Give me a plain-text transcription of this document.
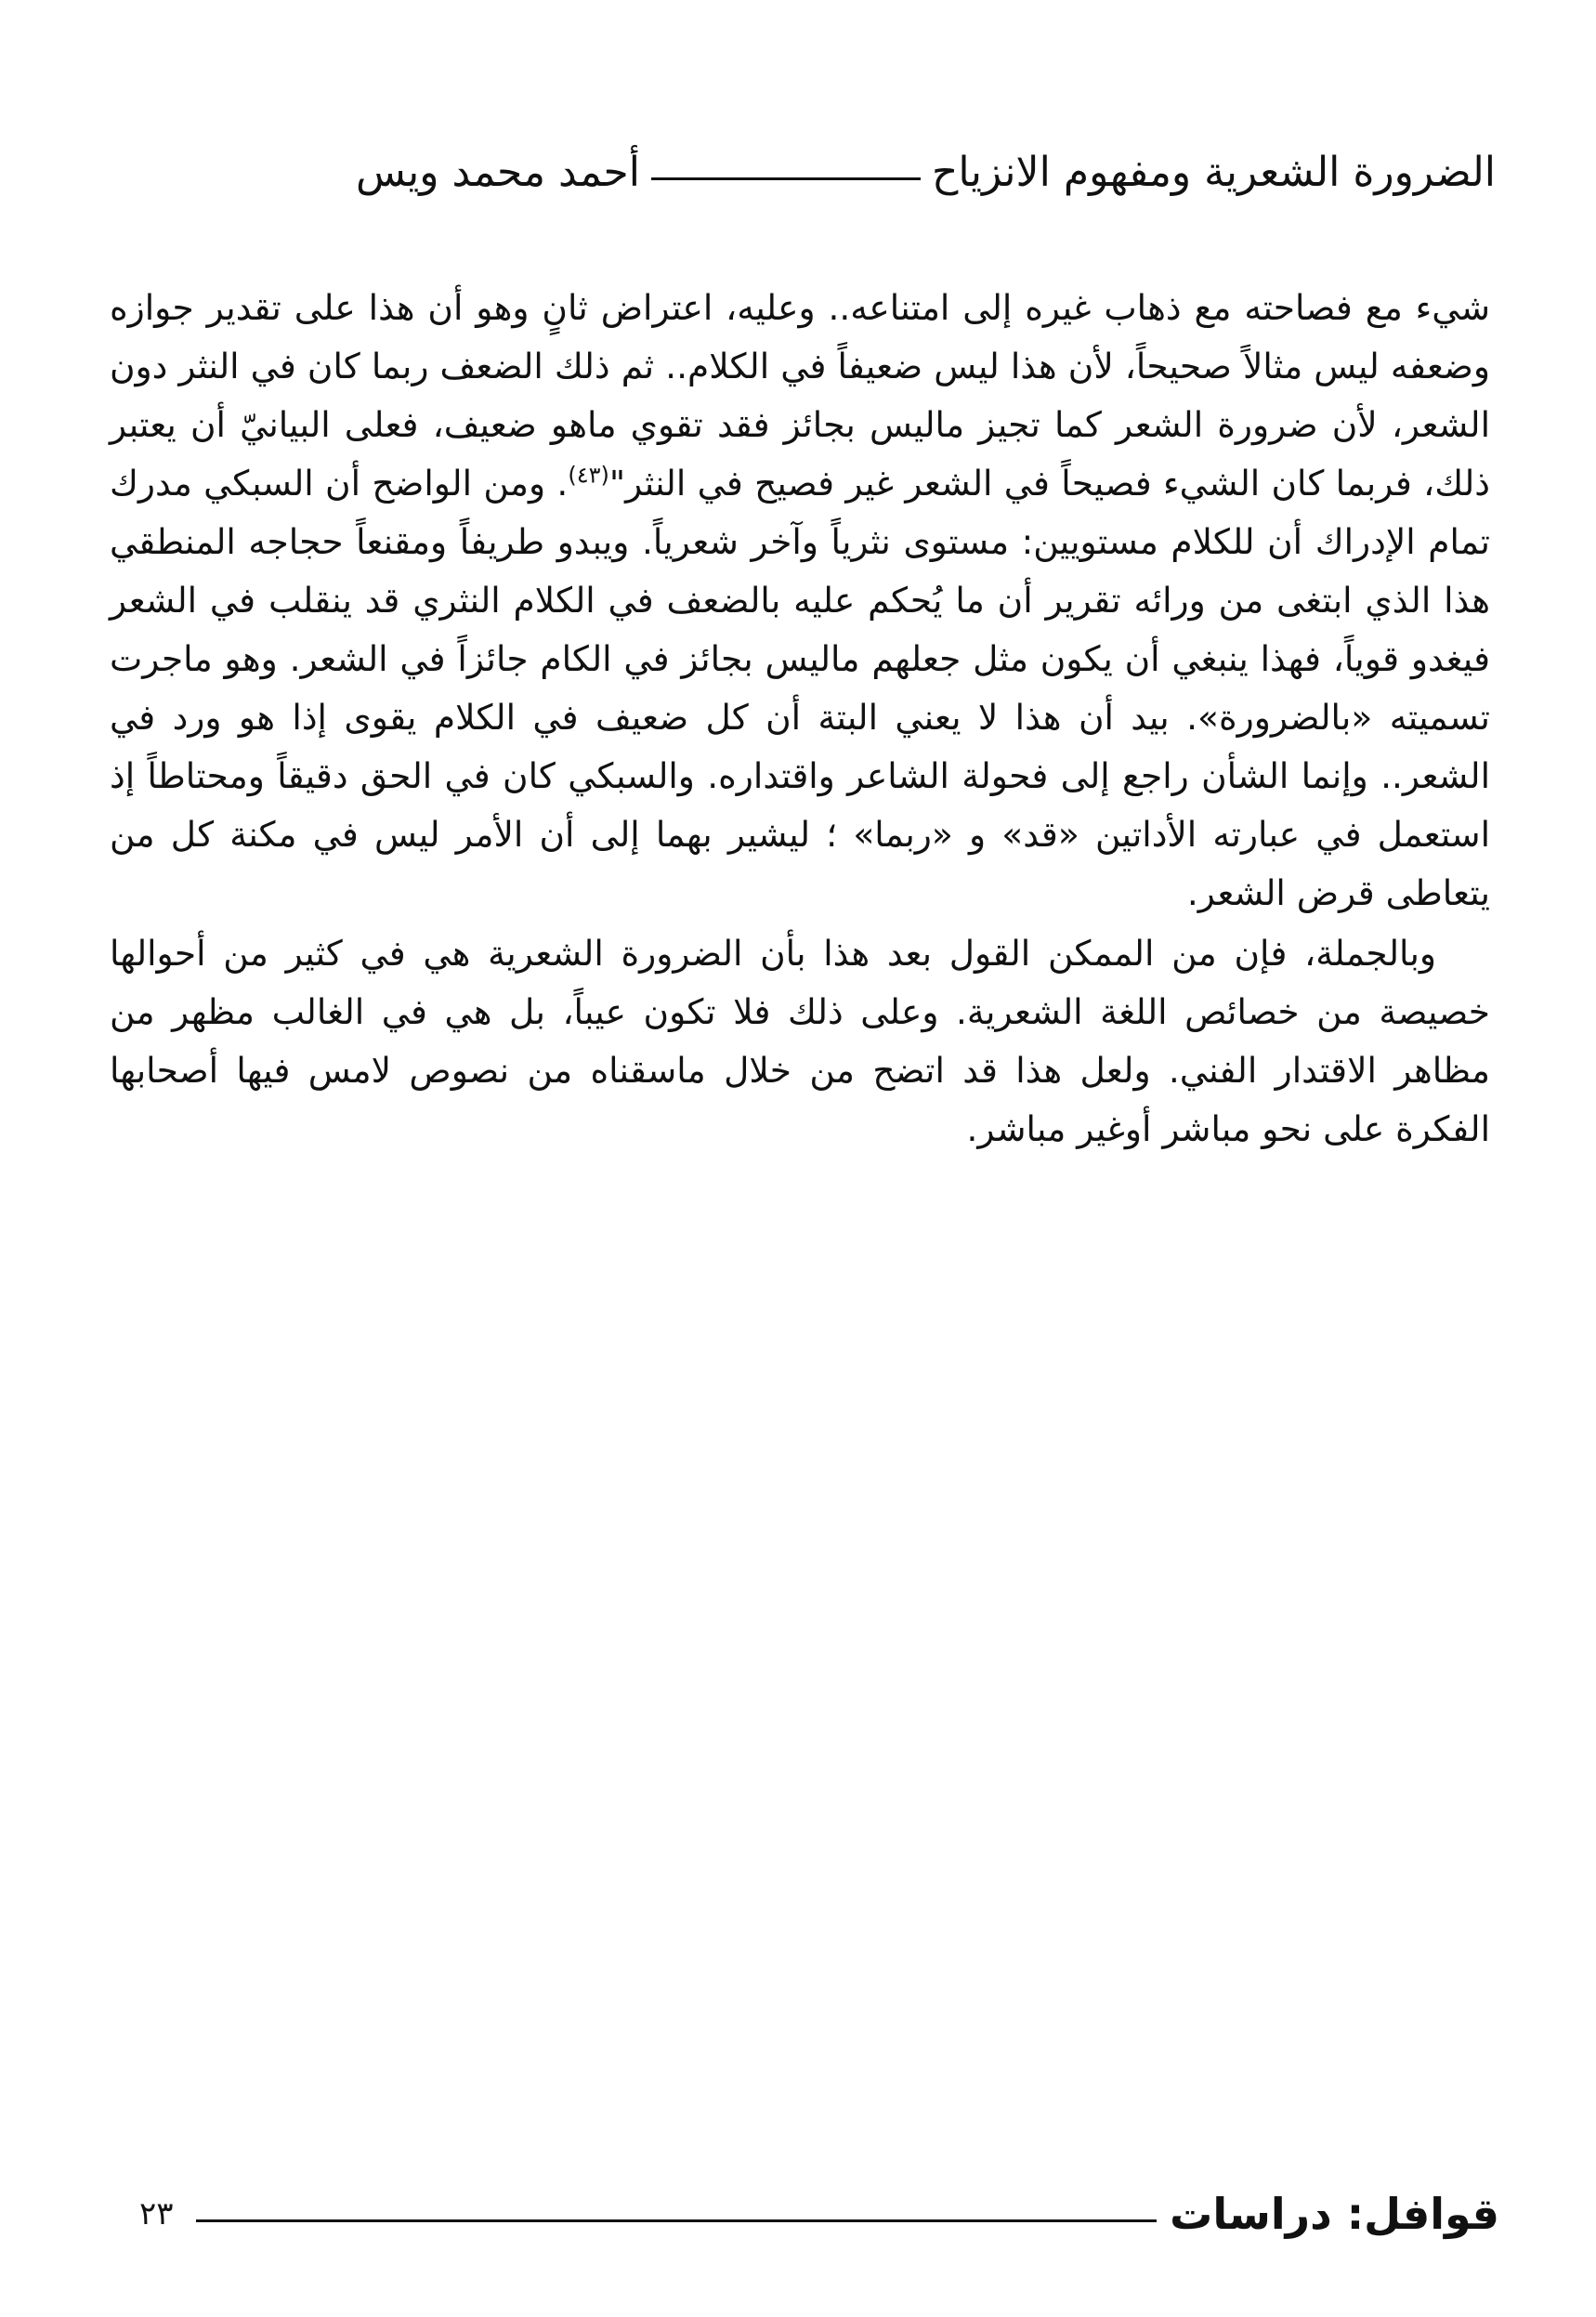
الضرورة الشعرية ومفهوم الانزياح
أحمد محمد ويس

شيء مع فصاحته مع ذهاب غيره إلى امتناعه.. وعليه، اعتراض ثانٍ وهو أن هذا على تقدير جوازه وضعفه ليس مثالاً صحيحاً، لأن هذا ليس ضعيفاً في الكلام.. ثم ذلك الضعف ربما كان في النثر دون الشعر، لأن ضرورة الشعر كما تجيز ماليس بجائز فقد تقوي ماهو ضعيف، فعلى البيانيّ أن يعتبر ذلك، فربما كان الشيء فصيحاً في الشعر غير فصيح في النثر"$^{(٤٣)}$. ومن الواضح أن السبكي مدرك تمام الإدراك أن للكلام مستويين: مستوى نثرياً وآخر شعرياً. ويبدو طريفاً ومقنعاً حجاجه المنطقي هذا الذي ابتغى من ورائه تقرير أن ما يُحكم عليه بالضعف في الكلام النثري قد ينقلب في الشعر فيغدو قوياً، فهذا ينبغي أن يكون مثل جعلهم ماليس بجائز في الكام جائزاً في الشعر. وهو ماجرت تسميته «بالضرورة». بيد أن هذا لا يعني البتة أن كل ضعيف في الكلام يقوى إذا هو ورد في الشعر.. وإنما الشأن راجع إلى فحولة الشاعر واقتداره. والسبكي كان في الحق دقيقاً ومحتاطاً إذ استعمل في عبارته الأداتين «قد» و «ربما» ؛ ليشير بهما إلى أن الأمر ليس في مكنة كل من يتعاطى قرض الشعر.

وبالجملة، فإن من الممكن القول بعد هذا بأن الضرورة الشعرية هي في كثير من أحوالها خصيصة من خصائص اللغة الشعرية. وعلى ذلك فلا تكون عيباً، بل هي في الغالب مظهر من مظاهر الاقتدار الفني. ولعل هذا قد اتضح من خلال ماسقناه من نصوص لامس فيها أصحابها الفكرة على نحو مباشر أوغير مباشر.

قوافل: دراسات
٢٣
